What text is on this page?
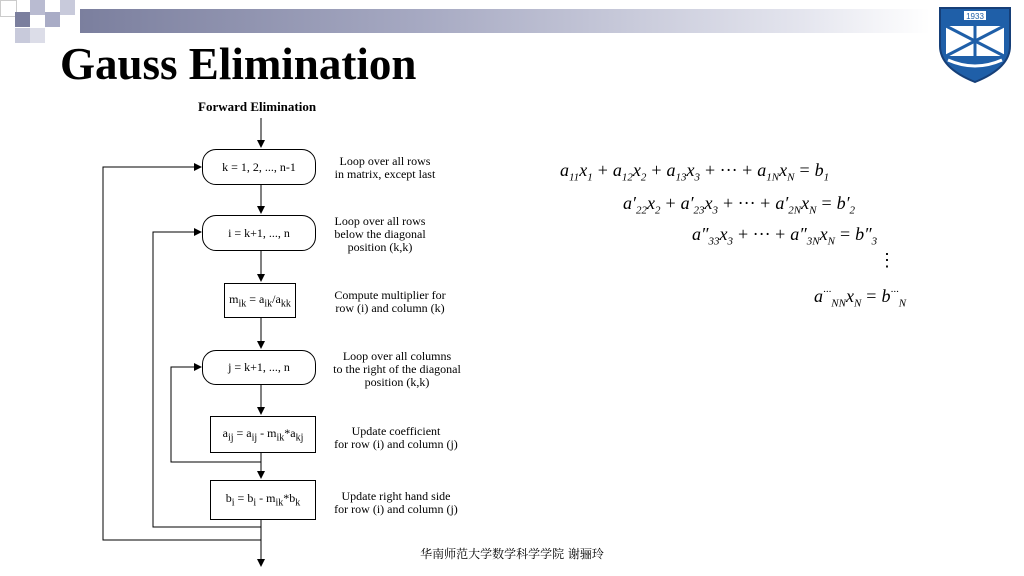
Gauss Elimination
1933
Forward Elimination
k = 1, 2, ..., n-1
i = k+1, ..., n
$m_{ik} = a_{ik}/a_{kk}$
j = k+1, ..., n
$a_{ij} = a_{ij} - m_{ik}*a_{kj}$
$b_i = b_i - m_{ik}*b_k$
Loop over all rows
in matrix, except last
Loop over all rows
below the diagonal
position (k,k)
Compute multiplier for
row (i) and column (k)
Loop over all columns
to the right of the diagonal
position (k,k)
Update coefficient
for row (i) and column (j)
Update right hand side
for row (i) and column (j)
$a_{11}x_1 + a_{12}x_2 + a_{13}x_3$ + ··· + $a_{1N}x_N = b_1$
$a'_{22}x_2 + a'_{23}x_3$ + ··· + $a'_{2N}x_N = b'_2$
$a''_{33}x_3$ + ··· + $a''_{3N}x_N = b''_3$
⋮
$a^{\cdot\cdot\cdot}_{NN}x_N = b^{\cdot\cdot\cdot}_N$
华南师范大学数学科学学院 谢骊玲
